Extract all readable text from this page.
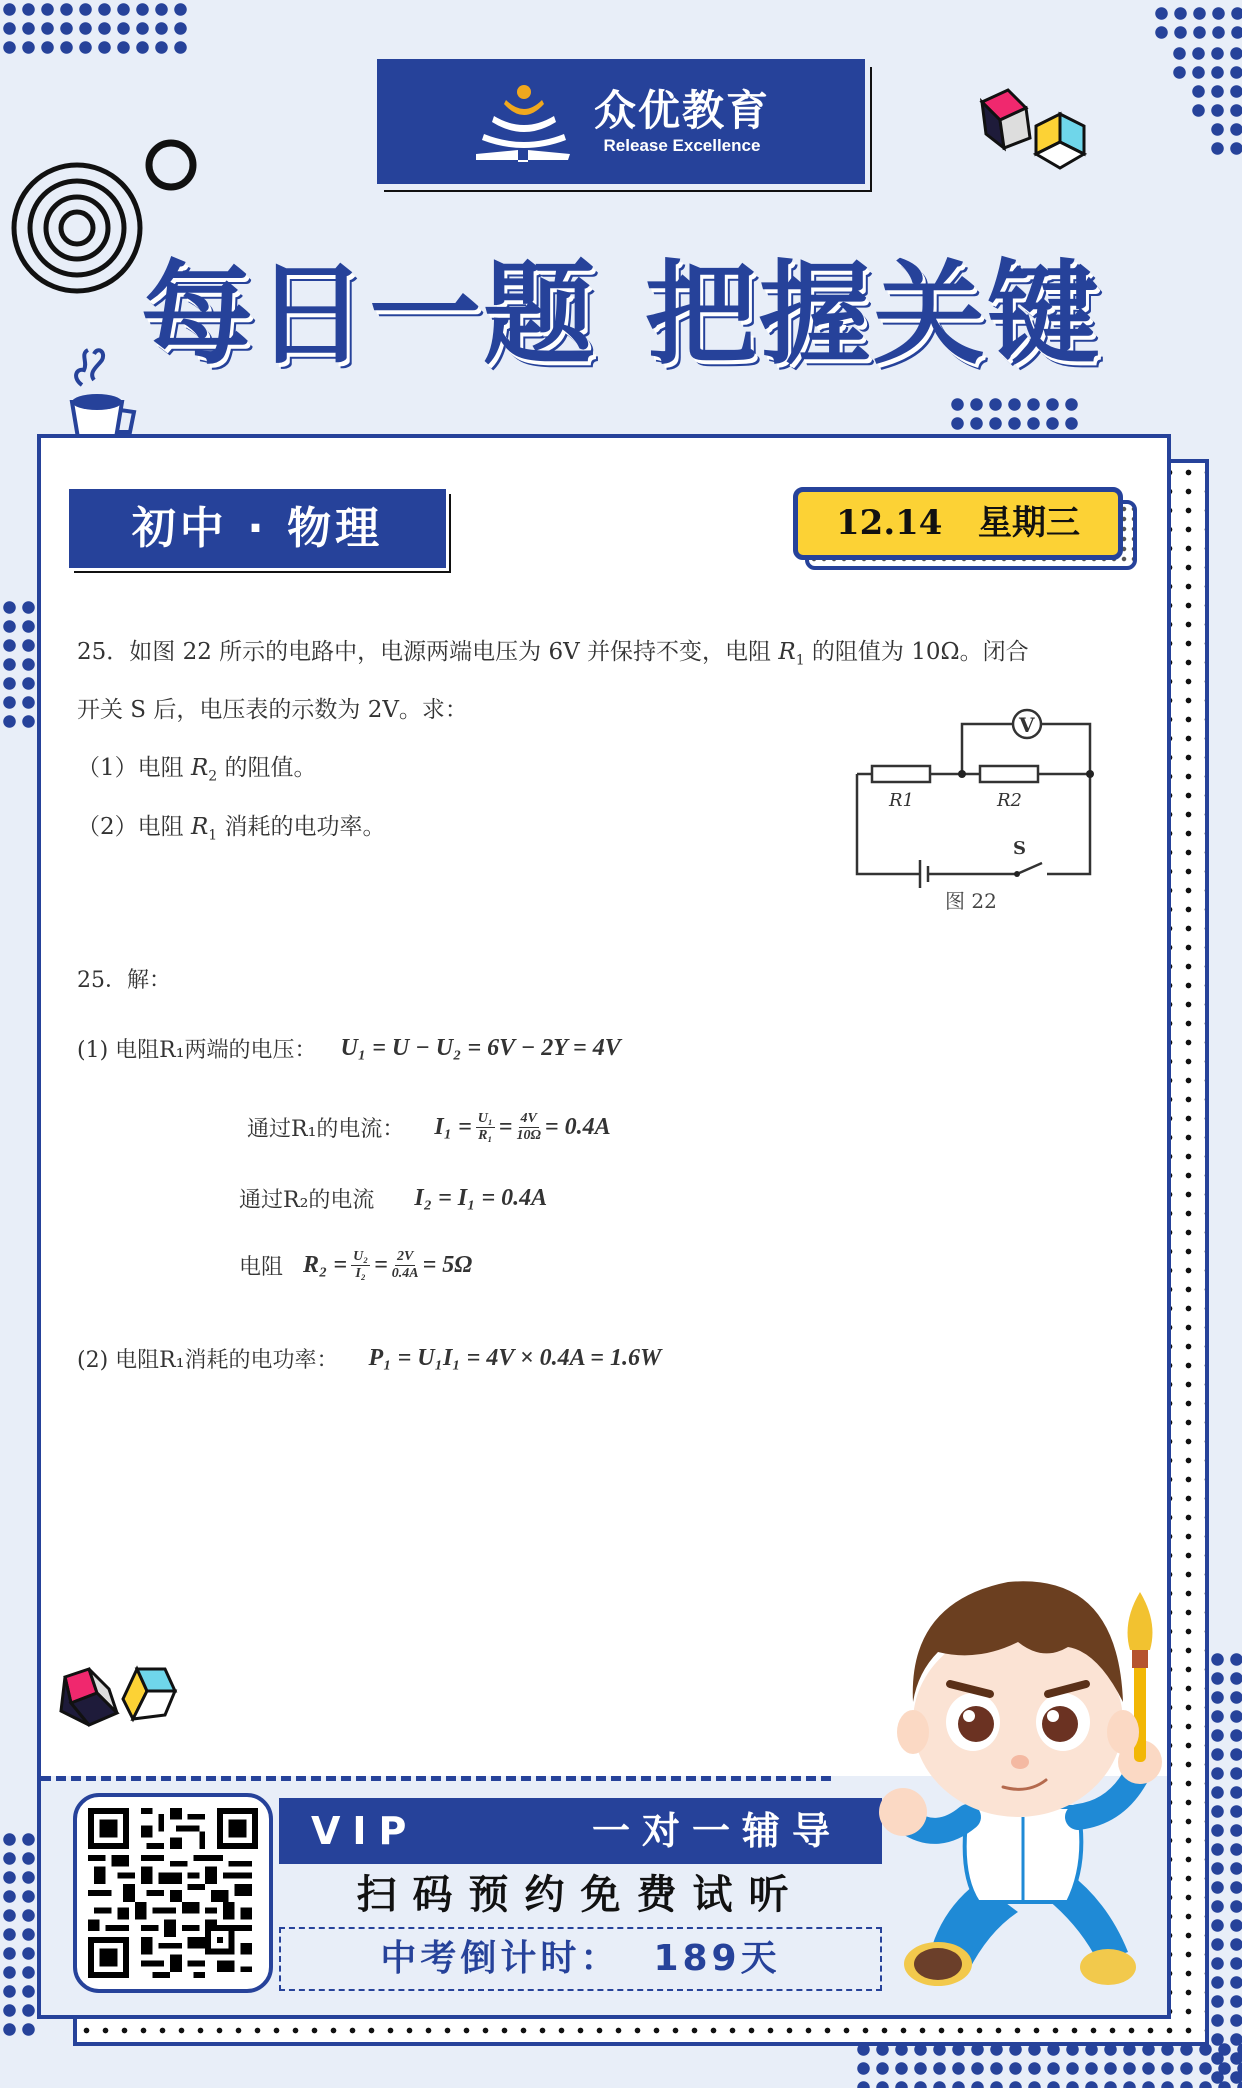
众优教育
Release Excellence
每日一题 把握关键
初中 · 物理	12.14   星期三
25．如图 22 所示的电路中，电源两端电压为 6V 并保持不变，电阻 $R_1$ 的阻值为 10Ω。闭合
开关 S 后，电压表的示数为 2V。求：
（1）电阻 $R_2$ 的阻值。
（2）电阻 $R_1$ 消耗的电功率。
V
R1	R2
S
图 22
25．解：
(1) 电阻R₁两端的电压： U₁ = U − U₂ = 6V − 2Y = 4V
通过R₁的电流： $I_1 = \frac{\text{U₁}}{\text{R₁}} = \frac{4V}{10\Omega} = 0.4A$
通过R₂的电流 I₂ = I₁ = 0.4A
电阻 $R_2 = \frac{\text{U₂}}{\text{I₂}} = \frac{2V}{0.4A} = 5\Omega$
(2) 电阻R₁消耗的电功率： P₁ = U₁I₁ = 4V × 0.4A = 1.6W
VIP	一对一辅导
扫码预约免费试听
中考倒计时：  189天
